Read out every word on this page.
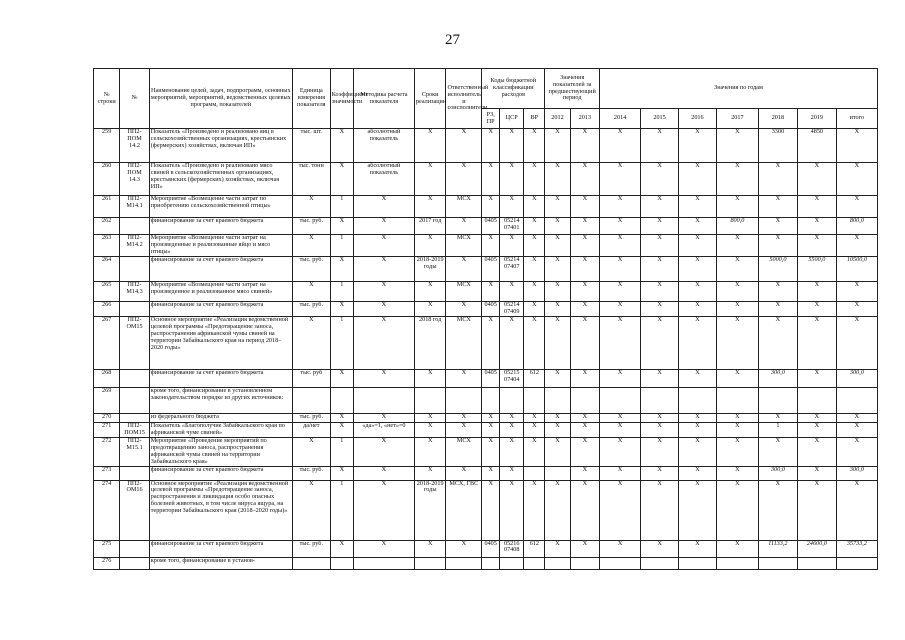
27
№ строки	№	Наименование целей, задач, подпрограмм, основных мероприятий, мероприятий, ведомственных целевых программ, показателей	Единица измерения показателя	Коэффициент значимости	Методика расчета показателя	Сроки реализации	Ответственный исполнитель и соисполнители	Коды бюджетной классификации расходов			Значения показателей за предшествующий период		Значения по годам						
								РЗ, ПР	ЦСР	ВР	2012	2013	2014	2015	2016	2017	2018	2019	итого
259	ПП2-ПОМ 14.2	Показатель «Произведено и реализовано яиц в сельскохозяйственных организациях, крестьянских (фермерских) хозяйствах, включая ИП»	тыс. шт.	X	абсолютный показатель	X	X	X	X	X	X	X	X	X	X	X	3300	4850	X
260	ПП2-ПОМ 14.3	Показатель «Произведено и реализовано мясо свиней в сельскохозяйственных организациях, крестьянских (фермерских) хозяйствах, включая ИП»	тыс. тонн	X	абсолютный показатель	X	X	X	X	X	X	X	X	X	X	X	X	X	X
261	ПП2-М14.1	Мероприятие «Возмещение части затрат по приобретению сельскохозяйственной птицы»	X	1	X	X	МСХ	X	X	X	X	X	X	X	X	X	X	X	X
262		финансирование за счет краевого бюджета	тыс. руб.	X	X	2017 год	X	0405	05214 07401	X	X	X	X	X	X	800,0	X	X	800,0
263	ПП2-М14.2	Мероприятие «Возмещение части затрат на произведенные и реализованные яйцо и мясо птицы»	X	1	X	X	МСХ	X	X	X	X	X	X	X	X	X	X	X	X
264		финансирование за счет краевого бюджета	тыс. руб.	X	X	2018-2019 годы	X	0405	05214 07407	X	X	X	X	X	X	X	5000,0	5500,0	10500,0
265	ПП2-М14.3	Мероприятие «Возмещение части затрат на произведенное и реализованное мясо свиней»	X	1	X	X	МСХ	X	X	X	X	X	X	X	X	X	X	X	X
266		финансирование за счет краевого бюджета	тыс. руб.	X	X	X	X	0405	05214 07409	X	X	X	X	X	X	X	X	X	X
267	ПП2-ОМ15	Основное мероприятие «Реализация ведомственной целевой программы «Предотвращение заноса, распространения африканской чумы свиней на территории Забайкальского края на период 2018–2020 годы»	X	1	X	2018 год	МСХ	X	X	X	X	X	X	X	X	X	X	X	X
268		финансирование за счет краевого бюджета	тыс. руб	X	X	X	X	0405	05215 07404	612	X	X	X	X	X	X	300,0	X	300,0
269		кроме того, финансирование в установленном законодательством порядке из других источников:																	
270		из федерального бюджета	тыс. руб.	X	X	X	X	X	X	X	X	X	X	X	X	X	X	X	X
271	ПП2-ПОМ15	Показатель «Благополучие Забайкальского края по африканской чуме свиней»	да/нет	X	«да»=1, «нет»=0	X	X	X	X	X	X	X	X	X	X	X	1	X	X
272	ПП2-М15.1	Мероприятие «Проведение мероприятий по предотвращению заноса, распространения африканской чумы свиней на территории Забайкальского края»	X	1	X	X	МСХ	X	X	X	X	X	X	X	X	X	X	X	X
273		финансирование за счет краевого бюджета	тыс. руб.	X	X	X	X	X	X			X	X	X	X	X	300,0	X	300,0
274	ПП2-ОМ16	Основное мероприятие «Реализация ведомственной целевой программы «Предотвращение заноса, распространения и ликвидация особо опасных болезней животных, в том числе вируса ящура, на территории Забайкальского края (2018–2020 годы)»	X	1	X	2018-2019 годы	МСХ, ГВС	X	X	X	X	X	X	X	X	X	X	X	X
275		финансирование за счет краевого бюджета	тыс. руб.	X	X	X	X	0405	05216 07408	612	X	X	X	X	X	X	11133,2	24600,0	35733,2
276		кроме того, финансирование в установ-																	
